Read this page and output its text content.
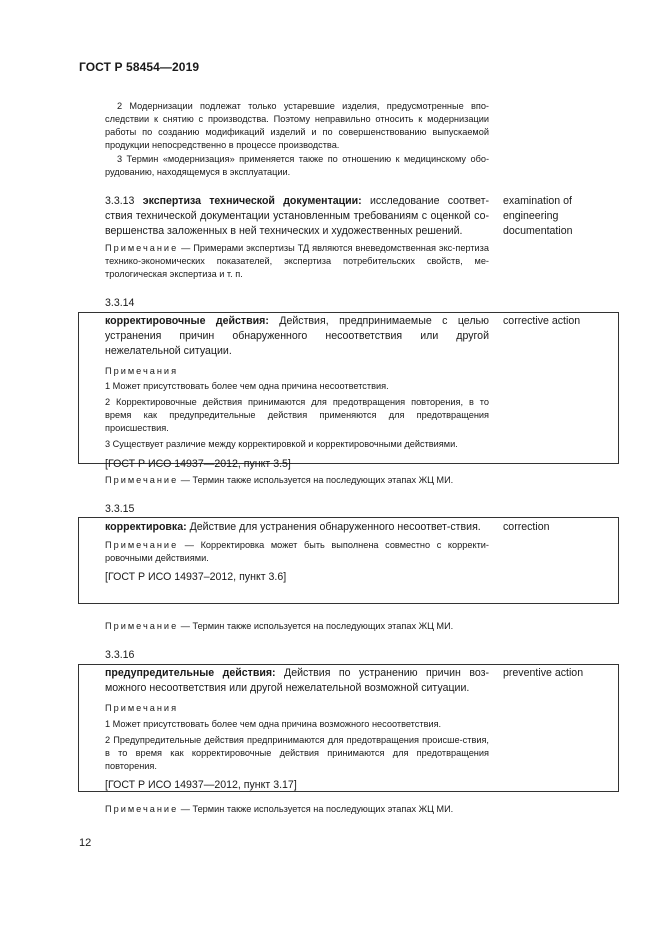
ГОСТ Р 58454—2019

2 Модернизации подлежат только устаревшие изделия, предусмотренные впо-следствии к снятию с производства. Поэтому неправильно относить к модернизации работы по созданию модификаций изделий и по совершенствованию выпускаемой продукции непосредственно в процессе производства.

3 Термин «модернизация» применяется также по отношению к медицинскому обо-рудованию, находящемуся в эксплуатации.

3.3.13 экспертиза технической документации: исследование соответ-ствия технической документации установленным требованиям с оценкой со-вершенства заложенных в ней технических и художественных решений.

examination of engineering documentation

Примечание — Примерами экспертизы ТД являются вневедомственная экс-пертиза технико-экономических показателей, экспертиза потребительских свойств, ме-трологическая экспертиза и т. п.

3.3.14

корректировочные действия: Действия, предпринимаемые с целью устранения причин обнаруженного несоответствия или другой нежелательной ситуации.

Примечания

1 Может присутствовать более чем одна причина несоответствия.

2 Корректировочные действия принимаются для предотвращения повторения, в то время как предупредительные действия применяются для предотвращения происшествия.

3 Существует различие между корректировкой и корректировочными действиями.

[ГОСТ Р ИСО 14937—2012, пункт 3.5]

corrective action

Примечание — Термин также используется на последующих этапах ЖЦ МИ.

3.3.15

корректировка: Действие для устранения обнаруженного несоответ-ствия.

Примечание — Корректировка может быть выполнена совместно с корректи-ровочными действиями.

[ГОСТ Р ИСО 14937–2012, пункт 3.6]

correction

Примечание — Термин также используется на последующих этапах ЖЦ МИ.

3.3.16

предупредительные действия: Действия по устранению причин воз-можного несоответствия или другой нежелательной возможной ситуации.

Примечания

1 Может присутствовать более чем одна причина возможного несоответствия.

2 Предупредительные действия предпринимаются для предотвращения происше-ствия, в то время как корректировочные действия принимаются для предотвращения повторения.

[ГОСТ Р ИСО 14937—2012, пункт 3.17]

preventive action

Примечание — Термин также используется на последующих этапах ЖЦ МИ.

12
